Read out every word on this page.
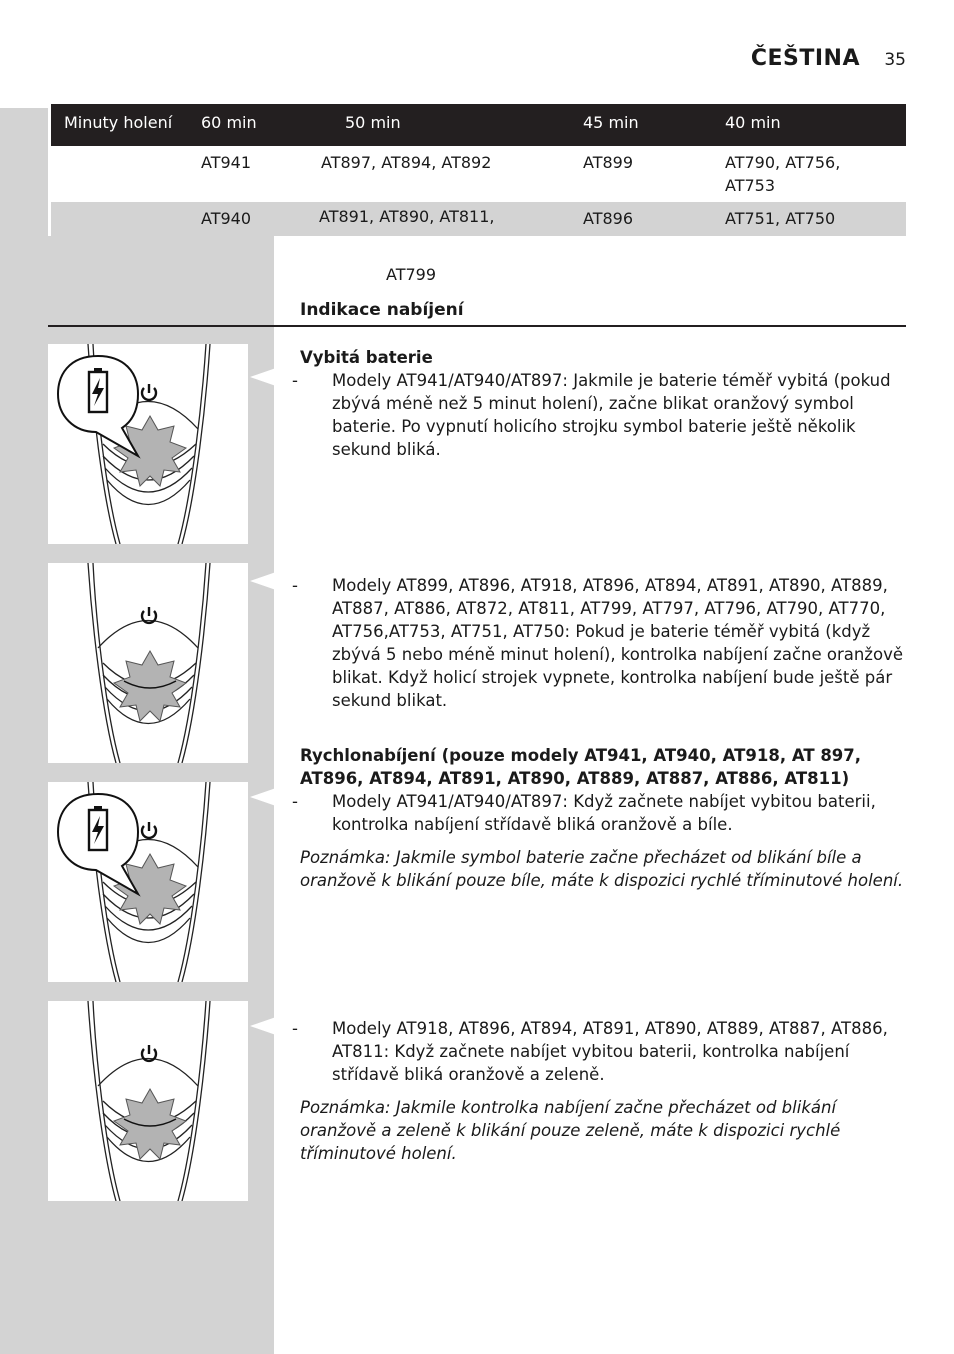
ČEŠTINA 35
Minuty holení 60 min	50 min	45 min	40 min
AT941	AT897, AT894, AT892	AT899	AT790, AT756, AT753
AT940	AT891, AT890, AT811,	AT896	AT751, AT750
AT799
Indikace nabíjení
Vybitá baterie
- Modely AT941/AT940/AT897: Jakmile je baterie téměř vybitá (pokud zbývá méně než 5 minut holení), začne blikat oranžový symbol baterie. Po vypnutí holicího strojku symbol baterie ještě několik sekund bliká.
- Modely AT899, AT896, AT918, AT896, AT894, AT891, AT890, AT889, AT887, AT886, AT872, AT811, AT799, AT797, AT796, AT790, AT770, AT756,AT753, AT751, AT750: Pokud je baterie téměř vybitá (když zbývá 5 nebo méně minut holení), kontrolka nabíjení začne oranžově blikat. Když holicí strojek vypnete, kontrolka nabíjení bude ještě pár sekund blikat.
Rychlonabíjení (pouze modely AT941, AT940, AT918, AT 897, AT896, AT894, AT891, AT890, AT889, AT887, AT886, AT811)
- Modely AT941/AT940/AT897: Když začnete nabíjet vybitou baterii, kontrolka nabíjení střídavě bliká oranžově a bíle.
Poznámka: Jakmile symbol baterie začne přecházet od blikání bíle a oranžově k blikání pouze bíle, máte k dispozici rychlé tříminutové holení.
- Modely AT918, AT896, AT894, AT891, AT890, AT889, AT887, AT886, AT811: Když začnete nabíjet vybitou baterii, kontrolka nabíjení střídavě bliká oranžově a zeleně.
Poznámka: Jakmile kontrolka nabíjení začne přecházet od blikání oranžově a zeleně k blikání pouze zeleně, máte k dispozici rychlé tříminutové holení.
